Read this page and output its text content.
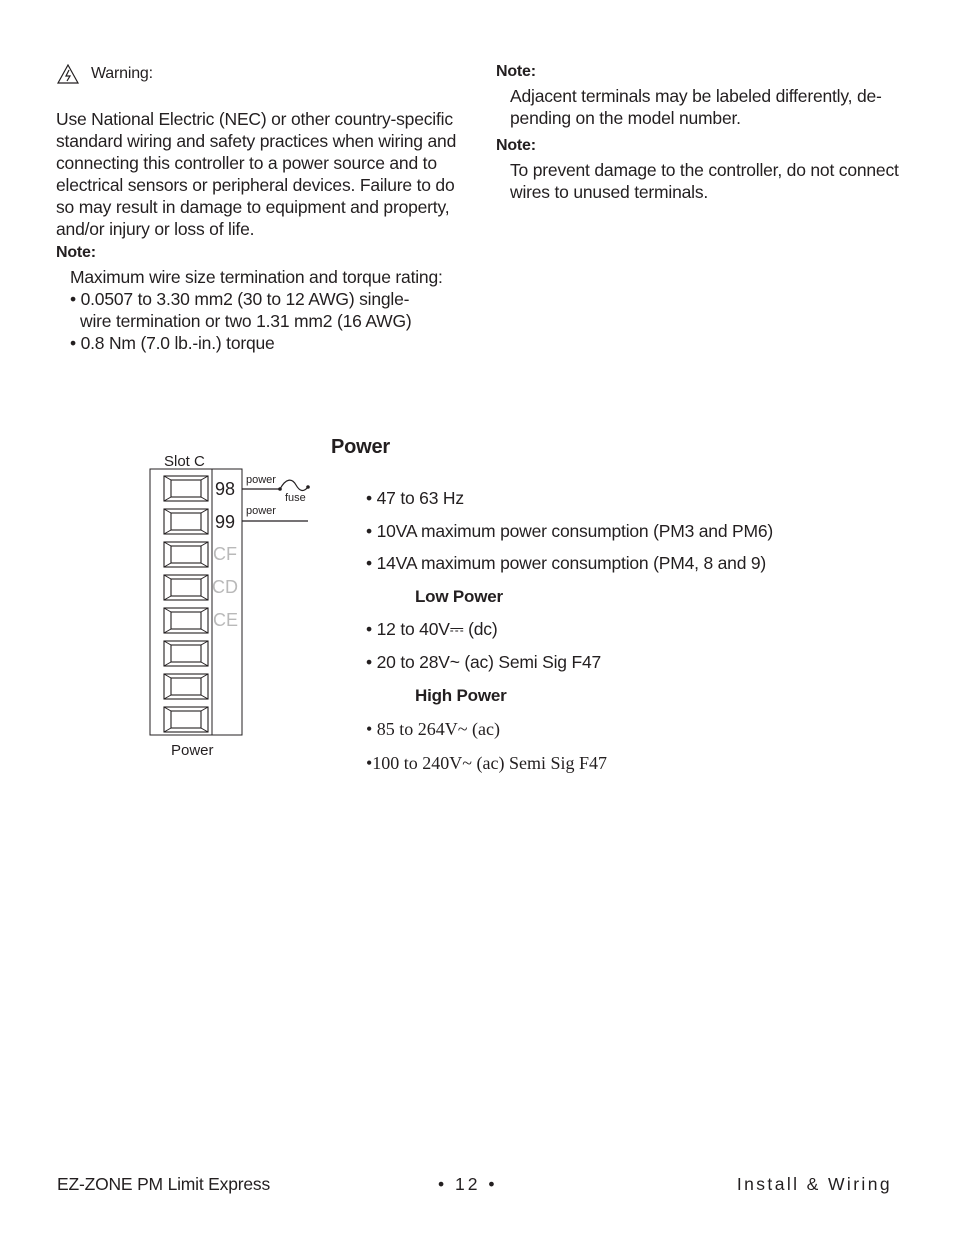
Warning:
Use National Electric (NEC) or other country-specific
standard wiring and safety practices when wiring and
connecting this controller to a power source and to
electrical sensors or peripheral devices. Failure to do
so may result in damage to equipment and property,
and/or injury or loss of life.
Note:
Maximum wire size termination and torque rating:
• 0.0507 to 3.30 mm2 (30 to 12 AWG) single-
wire termination or two 1.31 mm2 (16 AWG)
• 0.8 Nm (7.0 lb.-in.) torque
Note:
Adjacent terminals may be labeled differently, de-
pending on the model number.
Note:
To prevent damage to the controller, do not connect
wires to unused terminals.
Slot C
98
99
CF
CD
CE
power
fuse
power
Power
Power
• 47 to 63 Hz
• 10VA maximum power consumption (PM3 and PM6)
• 14VA maximum power consumption (PM4, 8 and 9)
Low Power
• 12 to 40V⎓ (dc)
• 20 to 28V~ (ac) Semi Sig F47
High Power
• 85 to 264V~ (ac)
•100 to 240V~ (ac) Semi Sig F47
EZ-ZONE PM Limit Express	• 12 •	Install & Wiring
